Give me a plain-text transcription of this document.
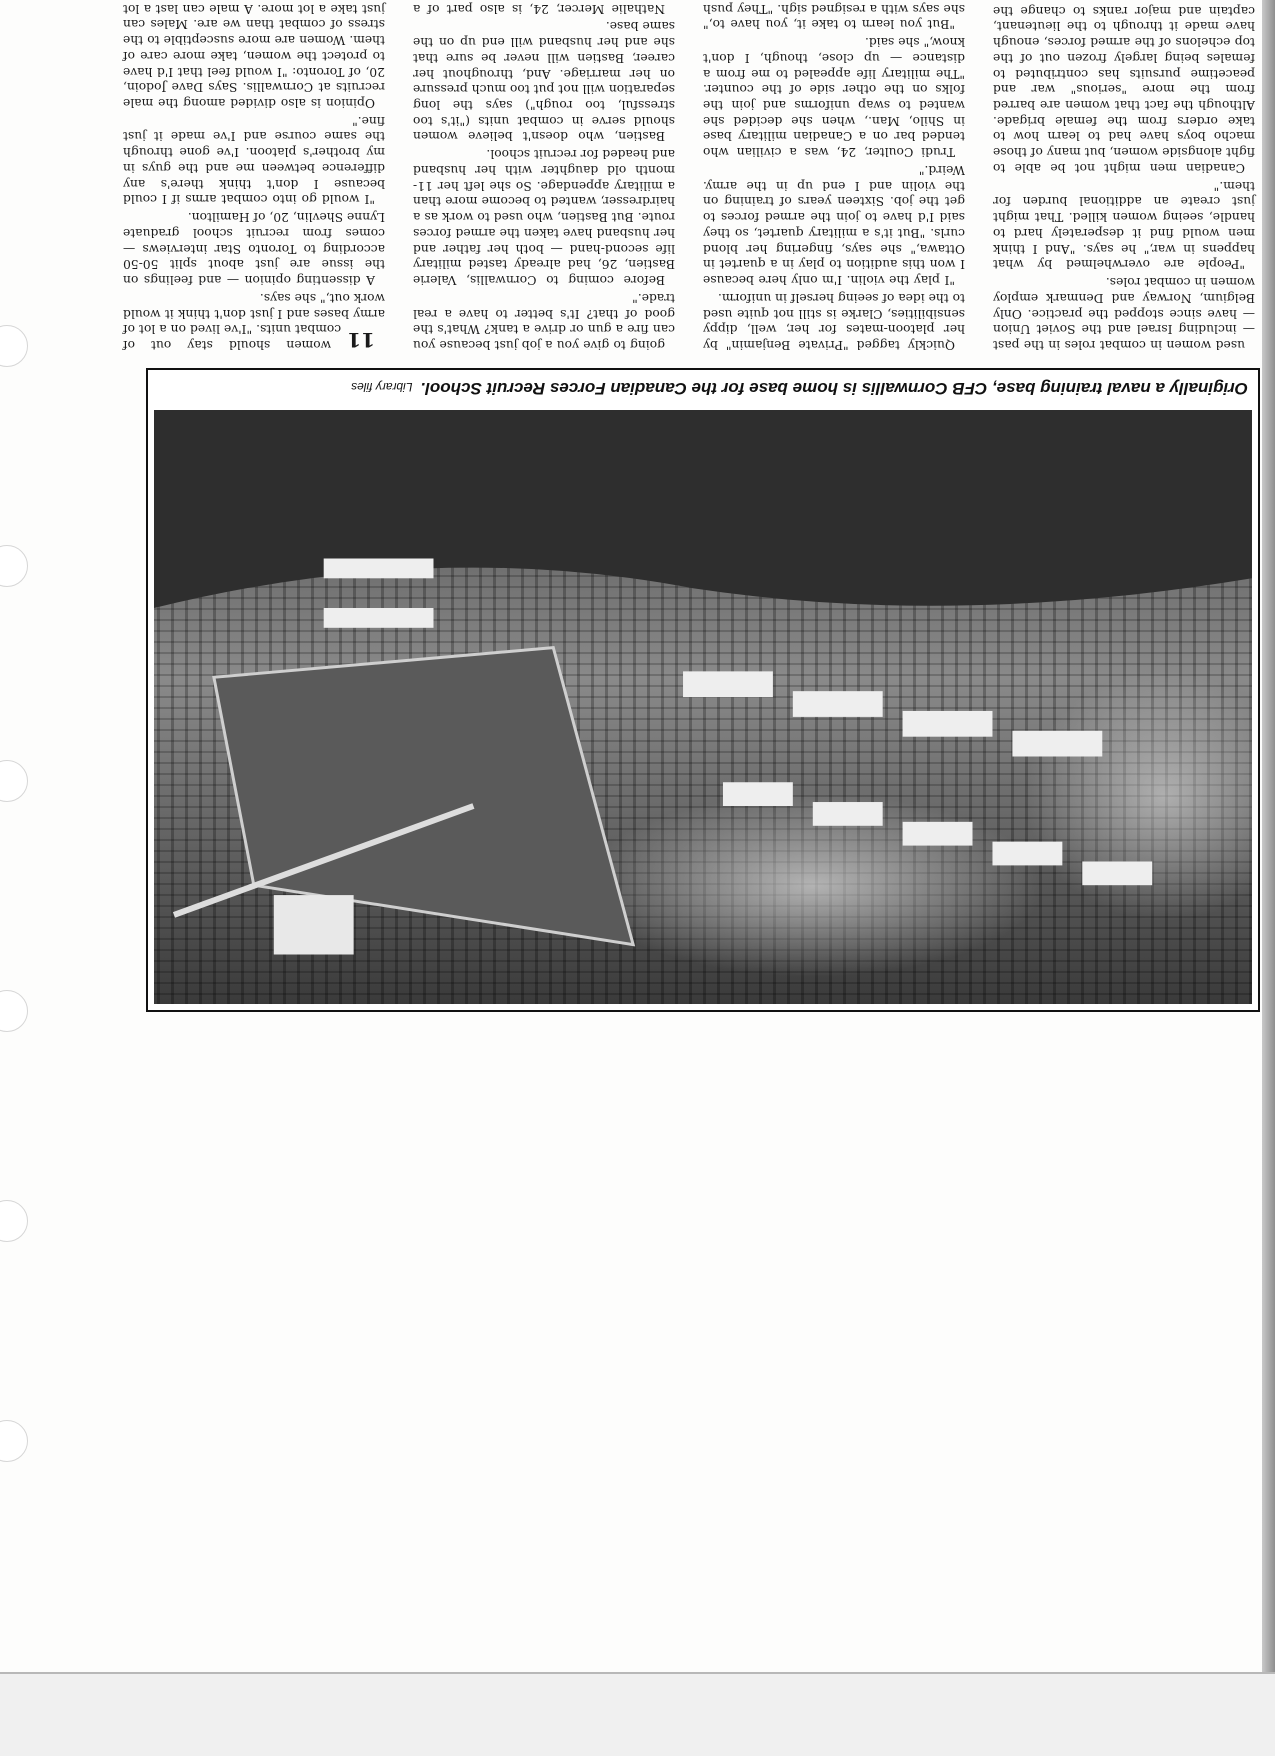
Originally a naval training base, CFB Cornwallis is home base for the Canadian Forces Recruit School.Library files

used women in combat roles in the past — including Israel and the Soviet Union — have since stopped the practice. Only Belgium, Norway and Denmark employ women in combat roles.

"People are overwhelmed by what happens in war," he says. "And I think men would find it desperately hard to handle, seeing women killed. That might just create an additional burden for them."

Canadian men might not be able to fight alongside women, but many of those macho boys have had to learn how to take orders from the female brigade. Although the fact that women are barred from the more "serious" war and peacetime pursuits has contributed to females being largely frozen out of the top echelons of the armed forces, enough have made it through to the lieutenant, captain and major ranks to change the

Quickly tagged "Private Benjamin" by her platoon-mates for her, well, dippy sensibilities, Clarke is still not quite used to the idea of seeing herself in uniform.

"I play the violin. I'm only here because I won this audition to play in a quartet in Ottawa," she says, fingering her blond curls. "But it's a military quartet, so they said I'd have to join the armed forces to get the job. Sixteen years of training on the violin and I end up in the army. Weird."

Trudi Coulter, 24, was a civilian who tended bar on a Canadian military base in Shilo, Man., when she decided she wanted to swap uniforms and join the folks on the other side of the counter. "The military life appealed to me from a distance — up close, though, I don't know," she said.

"But you learn to take it, you have to," she says with a resigned sigh. "They push

going to give you a job just because you can fire a gun or drive a tank? What's the good of that? It's better to have a real trade."

Before coming to Cornwallis, Valerie Bastien, 26, had already tasted military life second-hand — both her father and her husband have taken the armed forces route. But Bastien, who used to work as a hairdresser, wanted to become more than a military appendage. So she left her 11-month old daughter with her husband and headed for recruit school.

Bastien, who doesn't believe women should serve in combat units ("it's too stressful, too rough") says the long separation will not put too much pressure on her marriage. And, throughout her career, Bastien will never be sure that she and her husband will end up on the same base.

Nathalie Mercer, 24, is also part of a

11
women should stay out of combat units. "I've lived on a lot of army bases and I just don't think it would work out," she says.

A dissenting opinion — and feelings on the issue are just about split 50-50 according to Toronto Star interviews — comes from recruit school graduate Lynne Shevlin, 20, of Hamilton.

"I would go into combat arms if I could because I don't think there's any difference between me and the guys in my brother's platoon. I've gone through the same course and I've made it just fine."

Opinion is also divided among the male recruits at Cornwallis. Says Dave Jodoin, 20, of Toronto: "I would feel that I'd have to protect the women, take more care of them. Women are more susceptible to the stress of combat than we are. Males can just take a lot more. A male can last a lot
